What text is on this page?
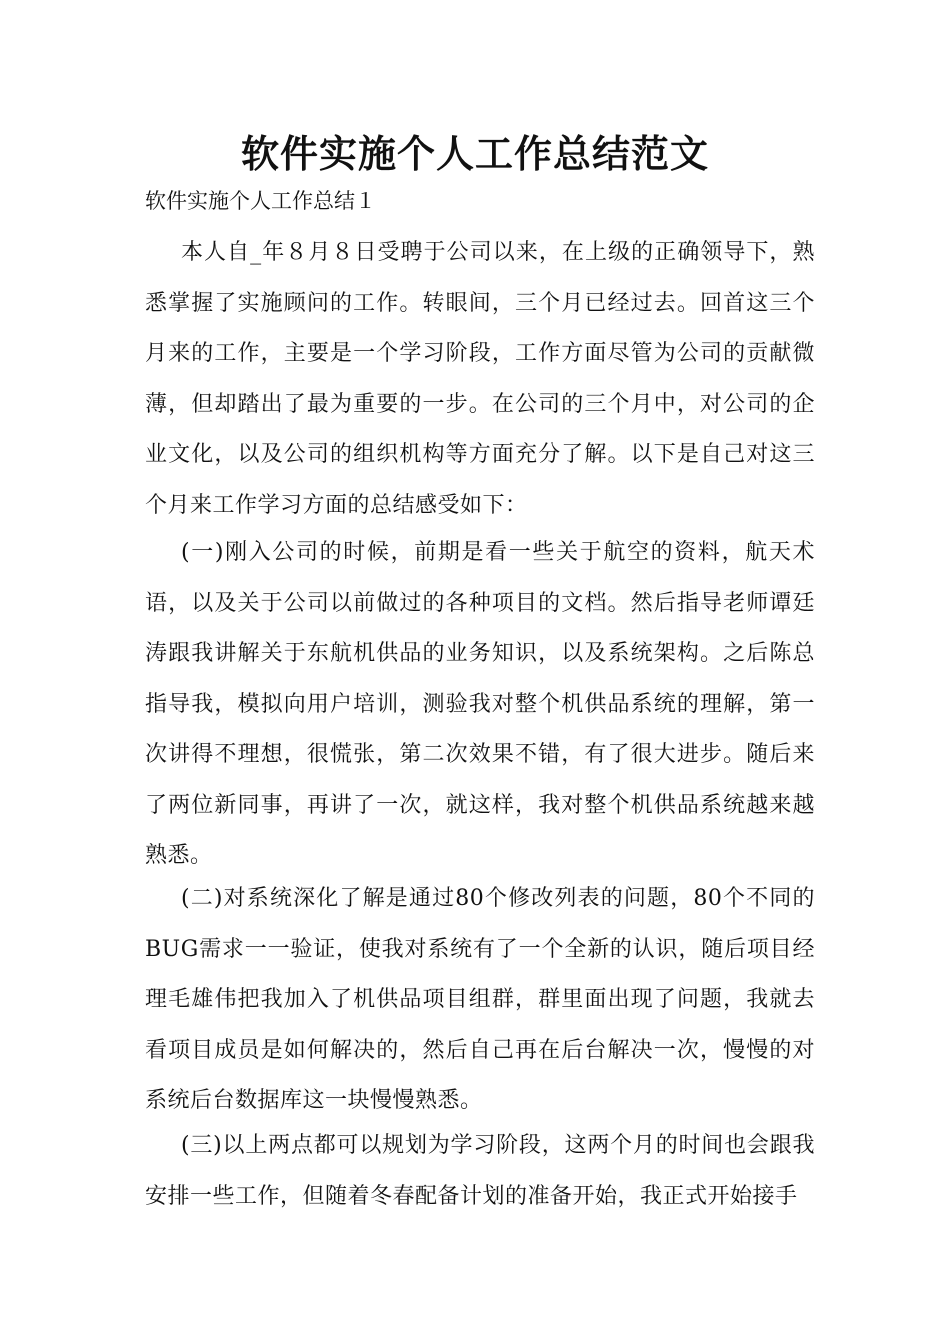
软件实施个人工作总结范文

软件实施个人工作总结１

本人自_年８月８日受聘于公司以来，在上级的正确领导下，熟悉掌握了实施顾问的工作。转眼间，三个月已经过去。回首这三个月来的工作，主要是一个学习阶段，工作方面尽管为公司的贡献微薄，但却踏出了最为重要的一步。在公司的三个月中，对公司的企业文化，以及公司的组织机构等方面充分了解。以下是自己对这三个月来工作学习方面的总结感受如下：

(一)刚入公司的时候，前期是看一些关于航空的资料，航天术语，以及关于公司以前做过的各种项目的文档。然后指导老师谭廷涛跟我讲解关于东航机供品的业务知识，以及系统架构。之后陈总指导我，模拟向用户培训，测验我对整个机供品系统的理解，第一次讲得不理想，很慌张，第二次效果不错，有了很大进步。随后来了两位新同事，再讲了一次，就这样，我对整个机供品系统越来越熟悉。

(二)对系统深化了解是通过80个修改列表的问题，80个不同的BUG需求一一验证，使我对系统有了一个全新的认识，随后项目经理毛雄伟把我加入了机供品项目组群，群里面出现了问题，我就去看项目成员是如何解决的，然后自己再在后台解决一次，慢慢的对系统后台数据库这一块慢慢熟悉。

(三)以上两点都可以规划为学习阶段，这两个月的时间也会跟我安排一些工作，但随着冬春配备计划的准备开始，我正式开始接手
